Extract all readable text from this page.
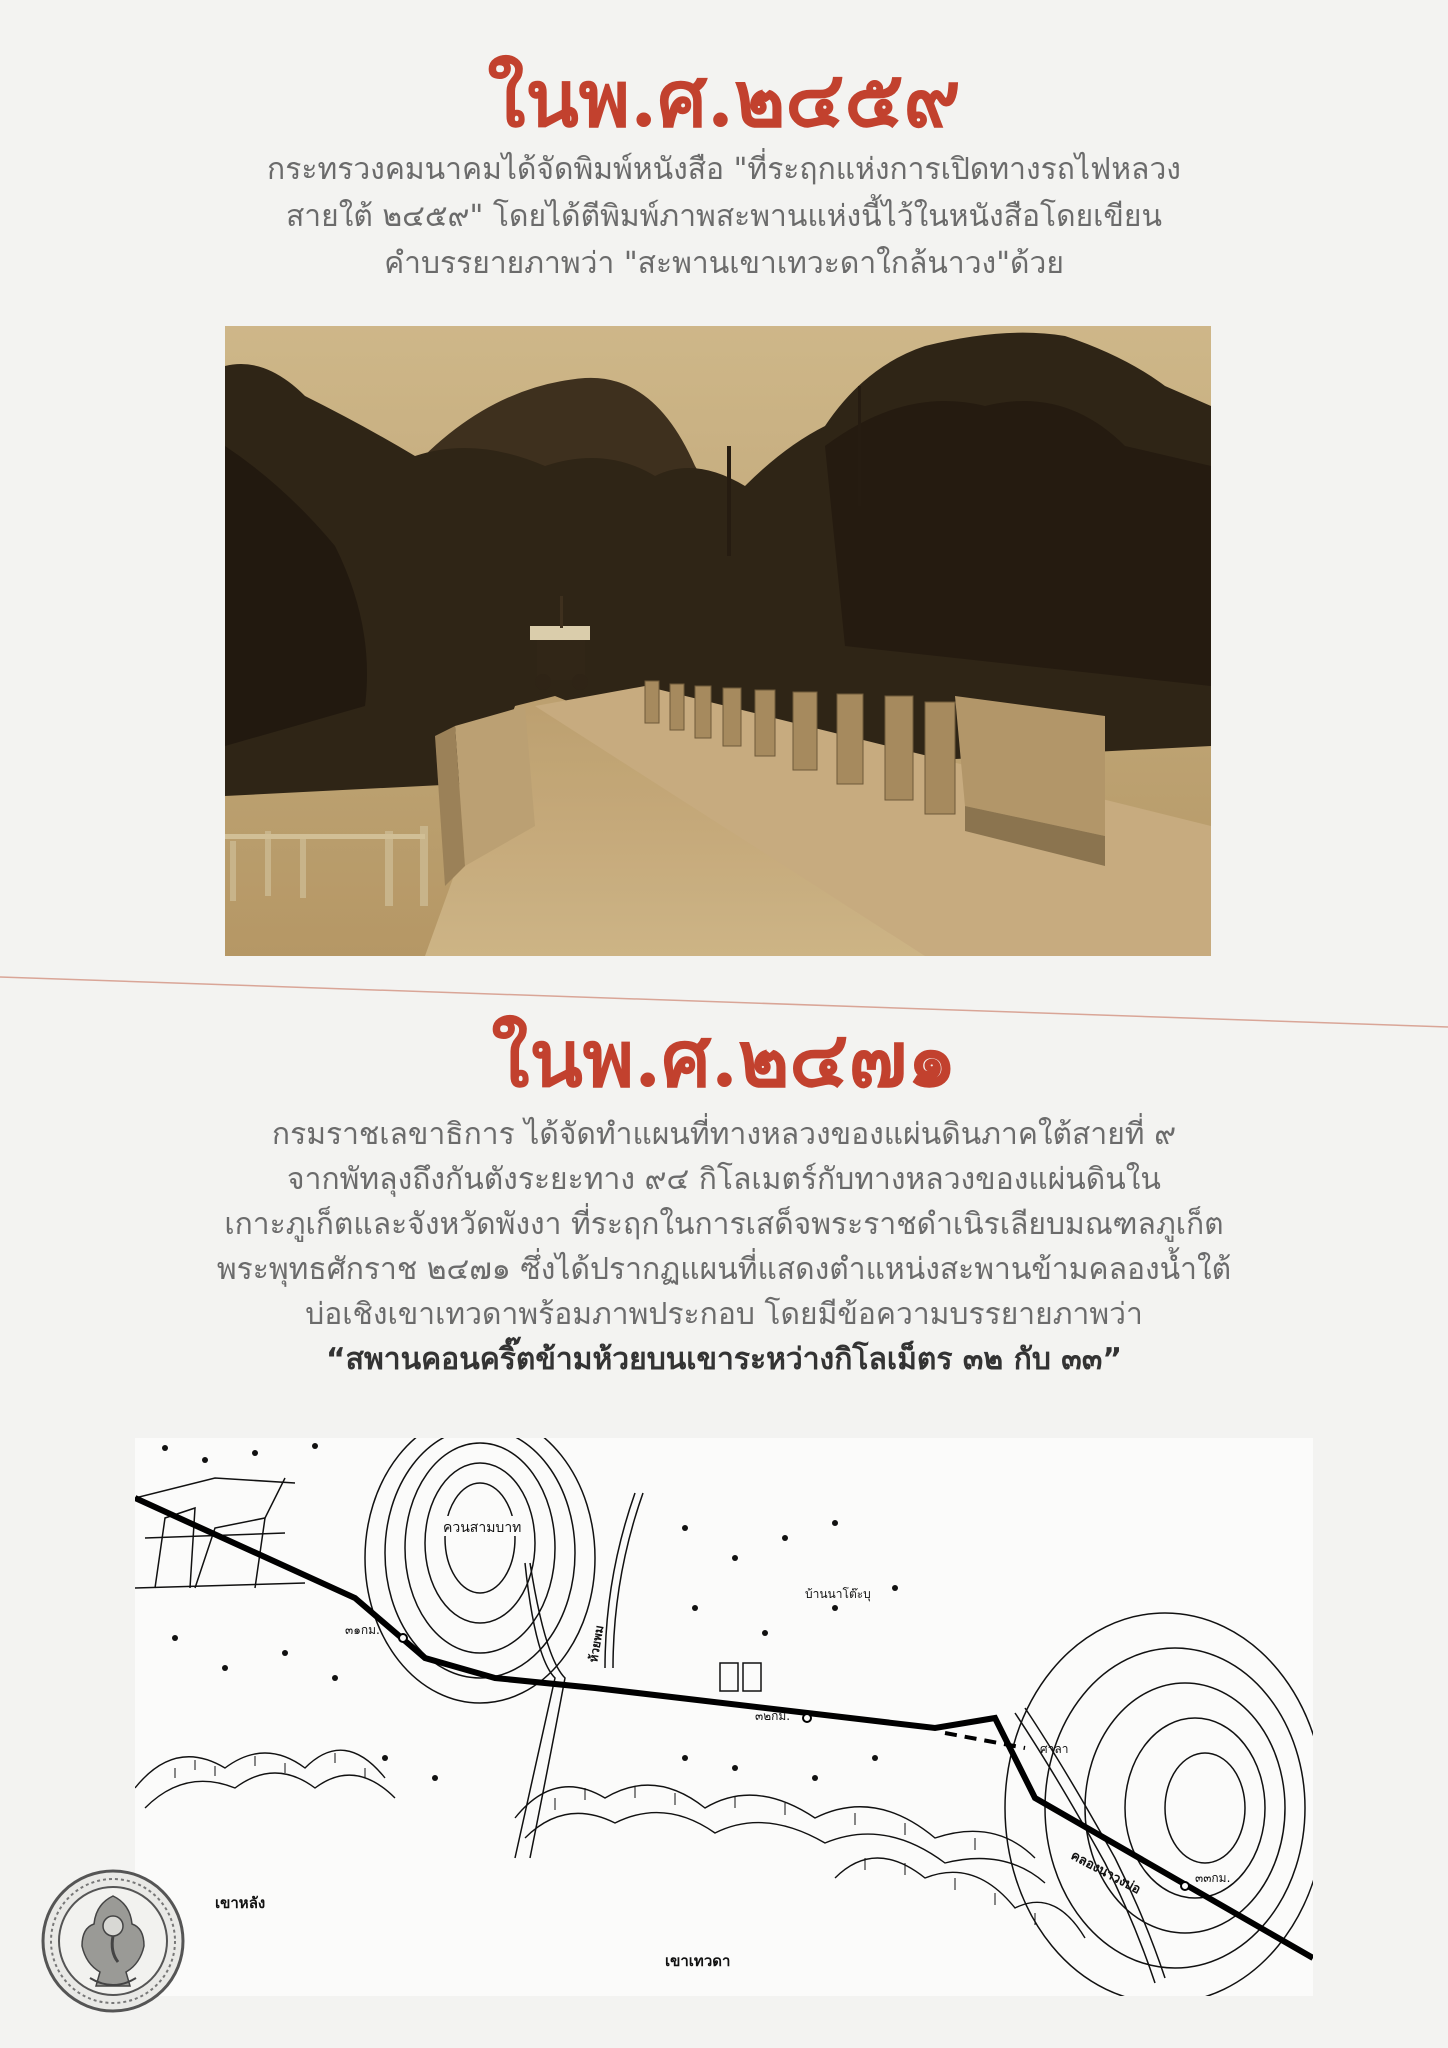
ในพ.ศ.๒๔๕๙
กระทรวงคมนาคมได้จัดพิมพ์หนังสือ "ที่ระฤกแห่งการเปิดทางรถไฟหลวง
สายใต้ ๒๔๕๙" โดยได้ตีพิมพ์ภาพสะพานแห่งนี้ไว้ในหนังสือโดยเขียน
คำบรรยายภาพว่า "สะพานเขาเทวะดาใกล้นาวง"ด้วย
ในพ.ศ.๒๔๗๑
กรมราชเลขาธิการ ได้จัดทำแผนที่ทางหลวงของแผ่นดินภาคใต้สายที่ ๙
จากพัทลุงถึงกันตังระยะทาง ๙๔ กิโลเมตร์กับทางหลวงของแผ่นดินใน
เกาะภูเก็ตและจังหวัดพังงา ที่ระฤกในการเสด็จพระราชดำเนิรเลียบมณฑลภูเก็ต
พระพุทธศักราช ๒๔๗๑ ซึ่งได้ปรากฏแผนที่แสดงตำแหน่งสะพานข้ามคลองน้ำใต้
บ่อเชิงเขาเทวดาพร้อมภาพประกอบ โดยมีข้อความบรรยายภาพว่า
“สพานคอนคริ๊ตข้ามห้วยบนเขาระหว่างกิโลเม็ตร ๓๒ กับ ๓๓”
ควนสามบาท
๓๑กม.
๓๒กม.
๓๓กม.
เขาหลัง
เขาเทวดา
บ้านนาโต๊ะบุ
ศาลา
คลองนาวงบ่อ
ห้วยพม
